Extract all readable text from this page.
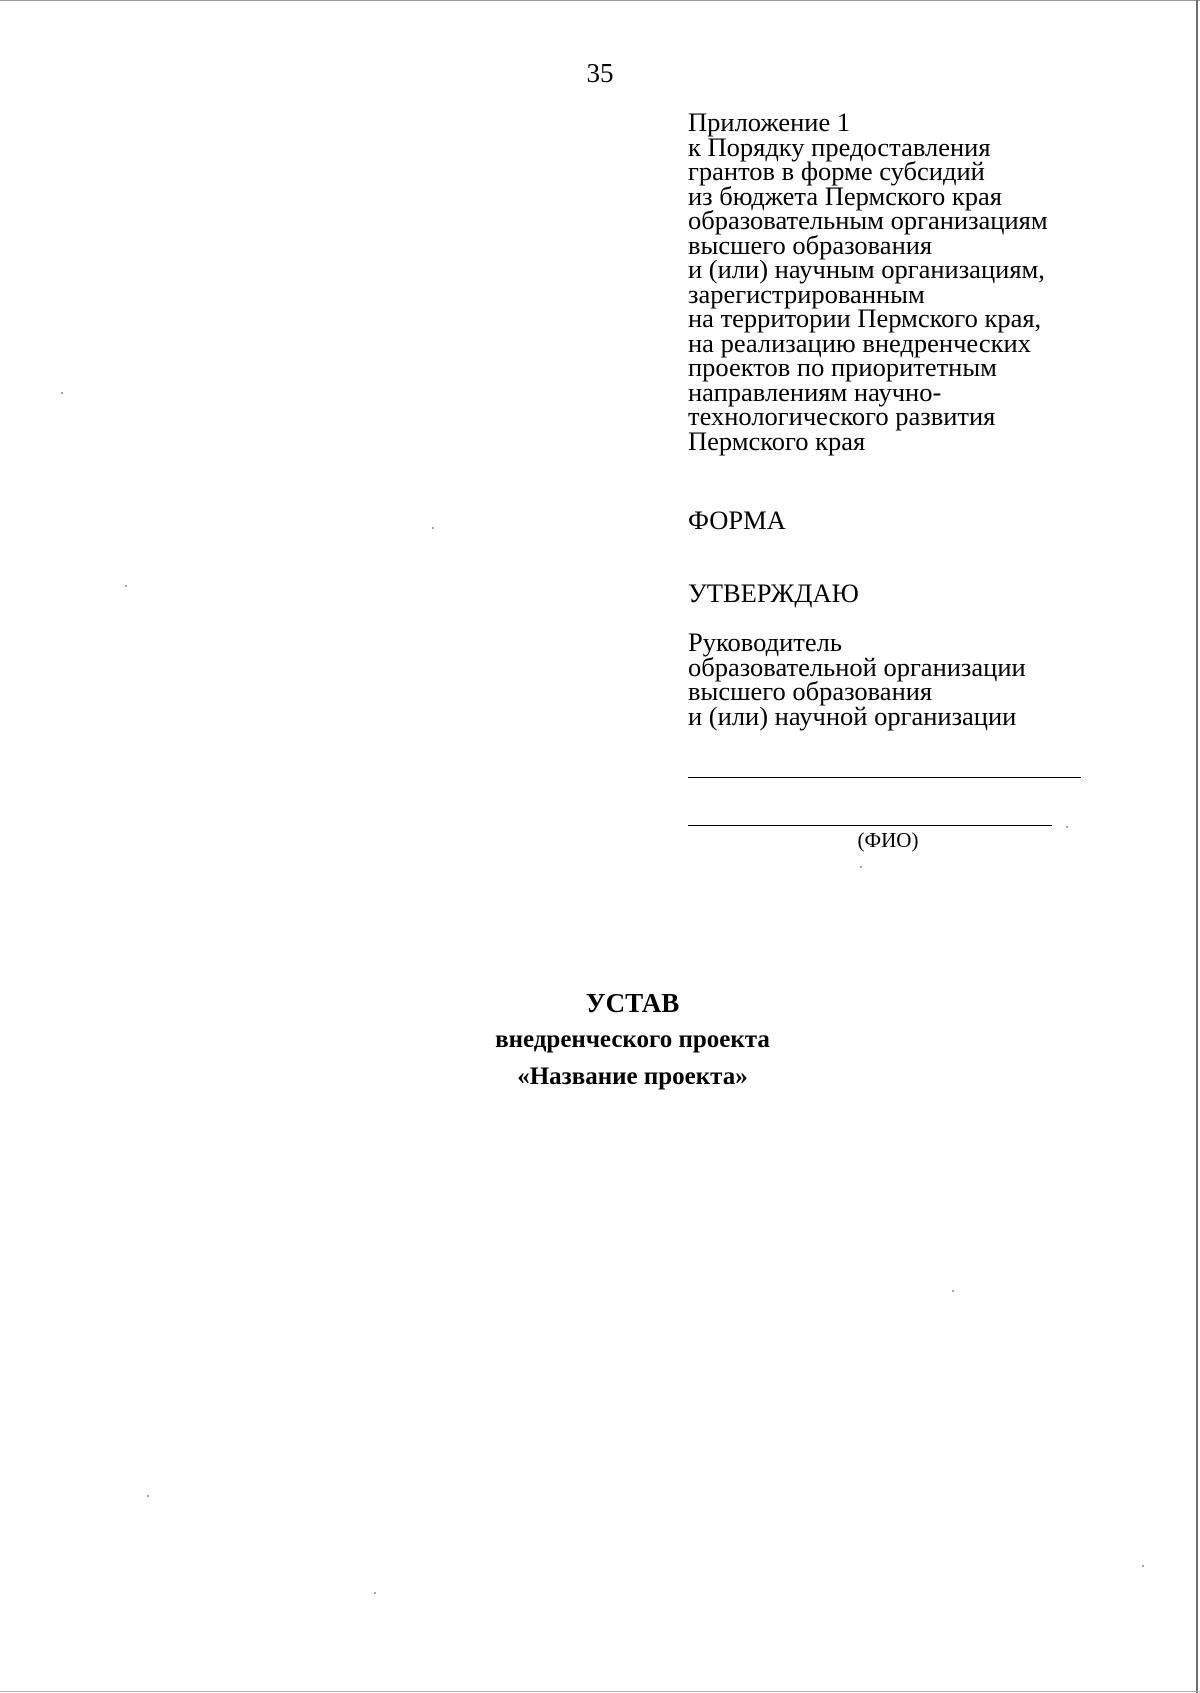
35
Приложение 1
к Порядку предоставления
грантов в форме субсидий
из бюджета Пермского края
образовательным организациям
высшего образования
и (или) научным организациям,
зарегистрированным
на территории Пермского края,
на реализацию внедренческих
проектов по приоритетным
направлениям научно-
технологического развития
Пермского края
ФОРМА
УТВЕРЖДАЮ
Руководитель
образовательной организации
высшего образования
и (или) научной организации
(ФИО)
УСТАВ
внедренческого проекта
«Название проекта»
